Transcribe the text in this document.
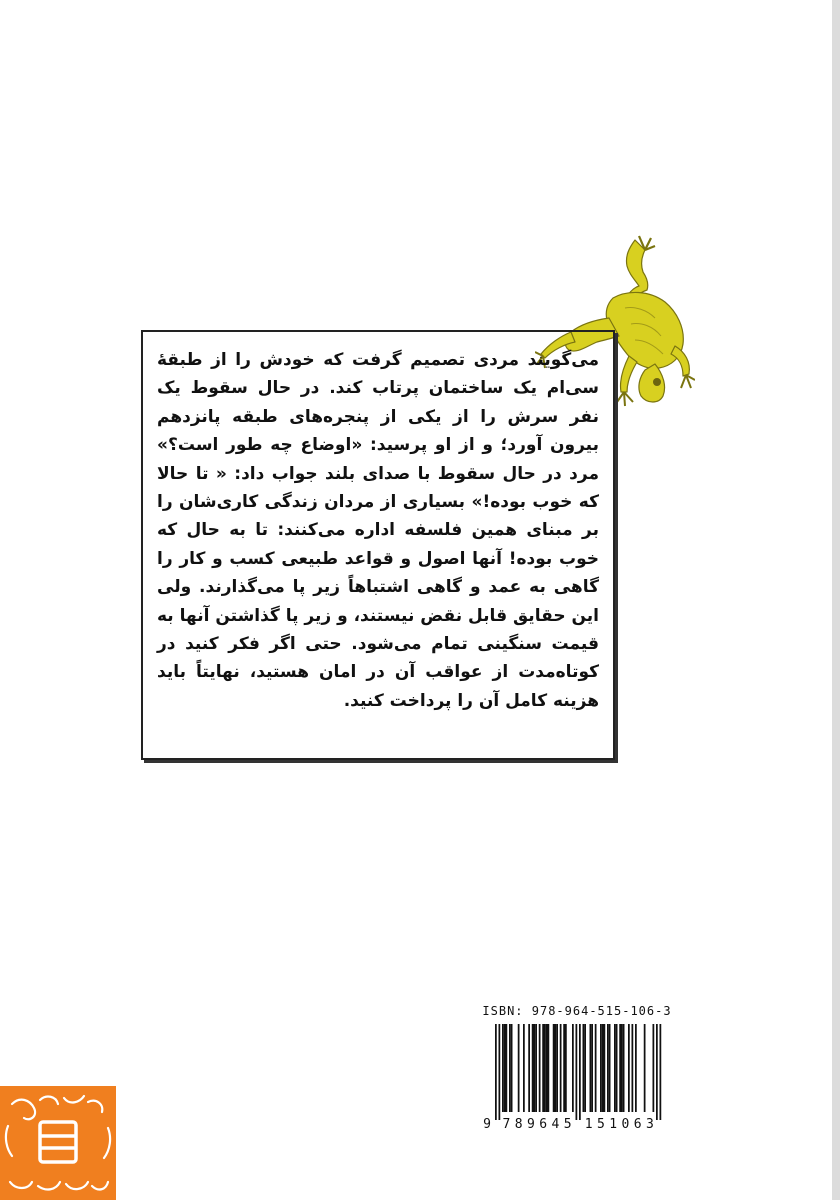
می‌گویند مردی تصمیم گرفت که خودش را از طبقهٔ سی‌ام یک ساختمان پرتاب کند. در حال سقوط یک نفر سرش را از یکی از پنجره‌های طبقه پانزدهم بیرون آورد؛ و از او پرسید: «اوضاع چه طور است؟» مرد در حال سقوط با صدای بلند جواب داد: « تا حالا که خوب بوده!» بسیاری از مردان زندگی کاری‌شان را بر مبنای همین فلسفه اداره می‌کنند: تا به حال که خوب بوده! آنها اصول و قواعد طبیعی کسب و کار را گاهی به عمد و گاهی اشتباهاً زیر پا می‌گذارند. ولی این حقایق قابل نقض نیستند، و زیر پا گذاشتن آنها به قیمت سنگینی تمام می‌شود. حتی اگر فکر کنید در کوتاه‌مدت از عواقب آن در امان هستید، نهایتاً باید هزینه کامل آن را پرداخت کنید.

ISBN: 978-964-515-106-3
9 7 8 9 6 4 5 1 5 1 0 6 3
